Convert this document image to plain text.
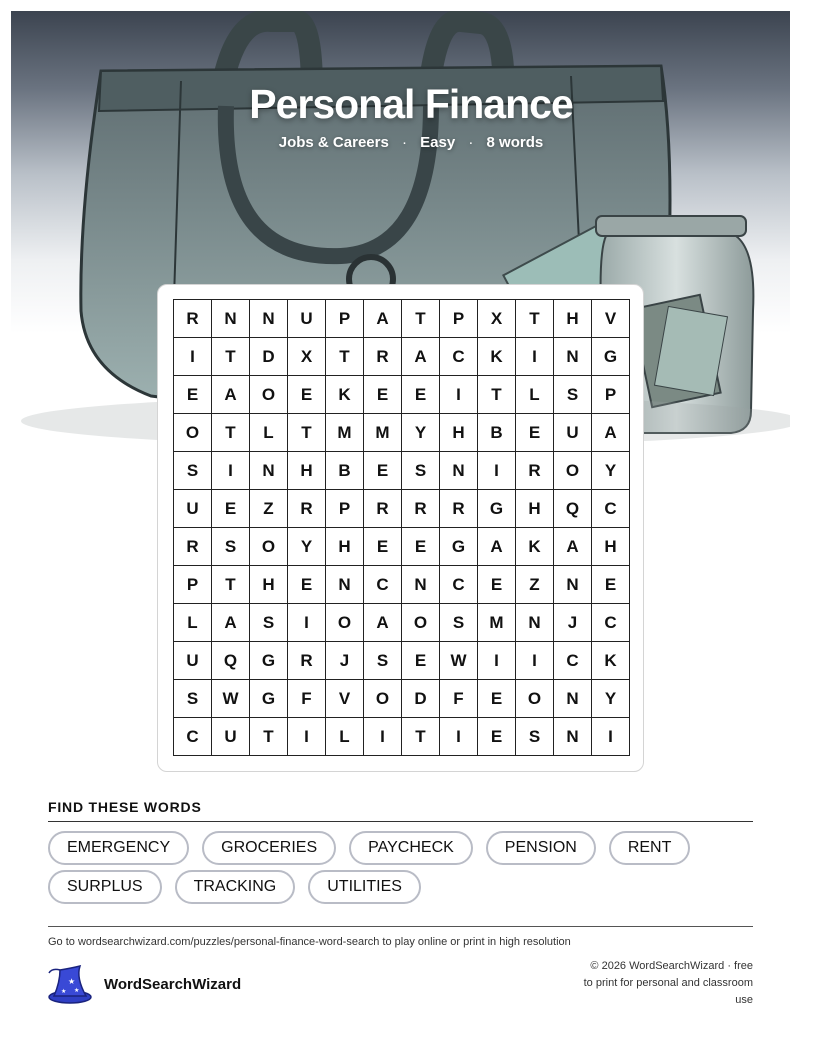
Personal Finance
Jobs & Careers · Easy · 8 words
R	N	N	U	P	A	T	P	X	T	H	V
I	T	D	X	T	R	A	C	K	I	N	G
E	A	O	E	K	E	E	I	T	L	S	P
O	T	L	T	M	M	Y	H	B	E	U	A
S	I	N	H	B	E	S	N	I	R	O	Y
U	E	Z	R	P	R	R	R	G	H	Q	C
R	S	O	Y	H	E	E	G	A	K	A	H
P	T	H	E	N	C	N	C	E	Z	N	E
L	A	S	I	O	A	O	S	M	N	J	C
U	Q	G	R	J	S	E	W	I	I	C	K
S	W	G	F	V	O	D	F	E	O	N	Y
C	U	T	I	L	I	T	I	E	S	N	I
FIND THESE WORDS
EMERGENCY	GROCERIES	PAYCHECK	PENSION	RENT
SURPLUS	TRACKING	UTILITIES
Go to wordsearchwizard.com/puzzles/personal-finance-word-search to play online or print in high resolution
★
★
★	WordSearchWizard
© 2026 WordSearchWizard · free to print for personal and classroom use
